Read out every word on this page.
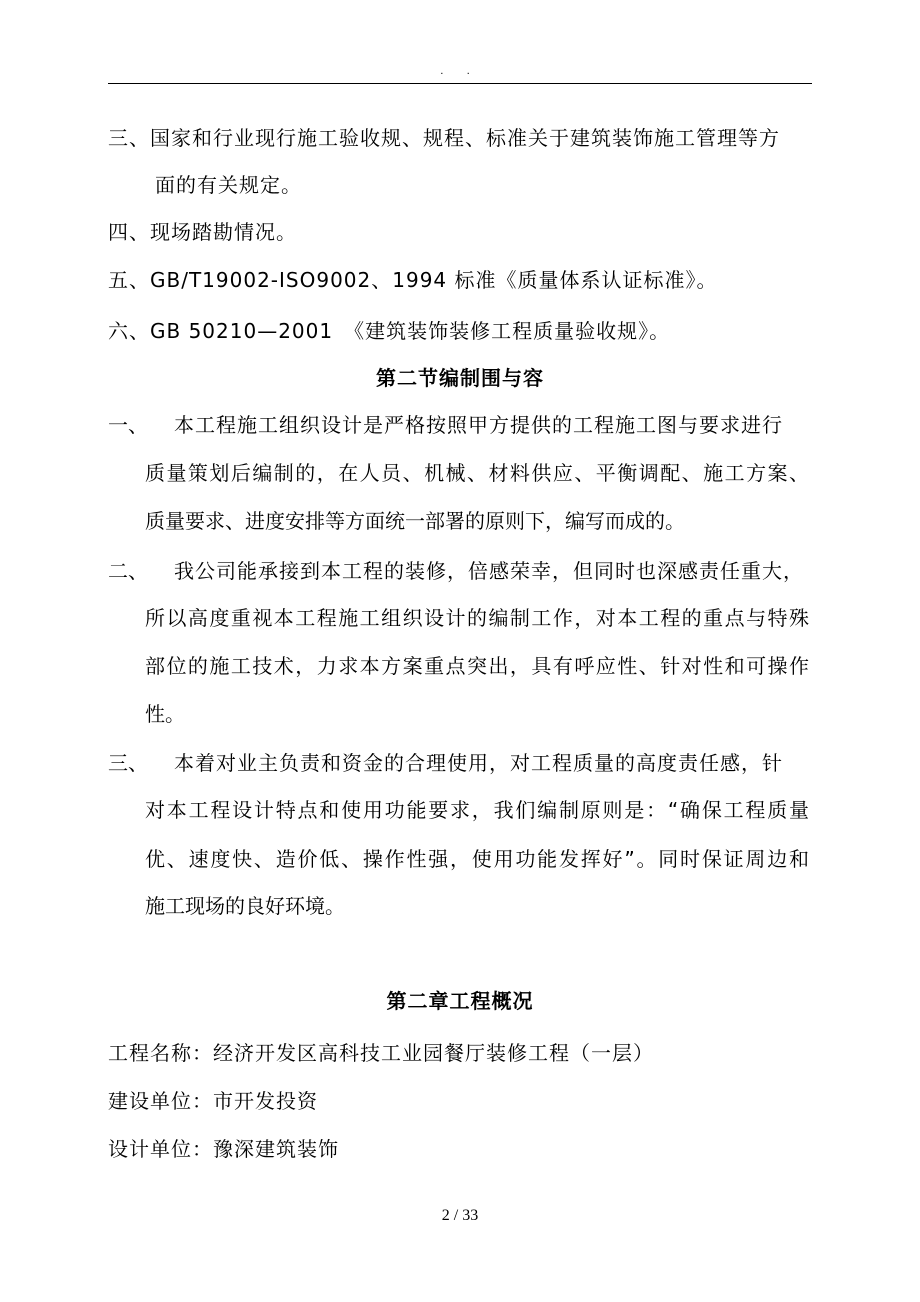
. .
三、国家和行业现行施工验收规、规程、标准关于建筑装饰施工管理等方
面的有关规定。
四、现场踏勘情况。
五、GB/T19002-ISO9002、1994 标准《质量体系认证标准》。
六、GB 50210—2001　《建筑装饰装修工程质量验收规》。
第二节编制围与容
一、 本工程施工组织设计是严格按照甲方提供的工程施工图与要求进行
质量策划后编制的，在人员、机械、材料供应、平衡调配、施工方案、
质量要求、进度安排等方面统一部署的原则下，编写而成的。
二、 我公司能承接到本工程的装修，倍感荣幸，但同时也深感责任重大，
所以高度重视本工程施工组织设计的编制工作，对本工程的重点与特殊
部位的施工技术，力求本方案重点突出，具有呼应性、针对性和可操作
性。
三、 本着对业主负责和资金的合理使用，对工程质量的高度责任感，针
对本工程设计特点和使用功能要求，我们编制原则是：“确保工程质量
优、速度快、造价低、操作性强，使用功能发挥好”。同时保证周边和
施工现场的良好环境。
第二章工程概况
工程名称：经济开发区高科技工业园餐厅装修工程（一层）
建设单位：市开发投资
设计单位：豫深建筑装饰
2 / 33
